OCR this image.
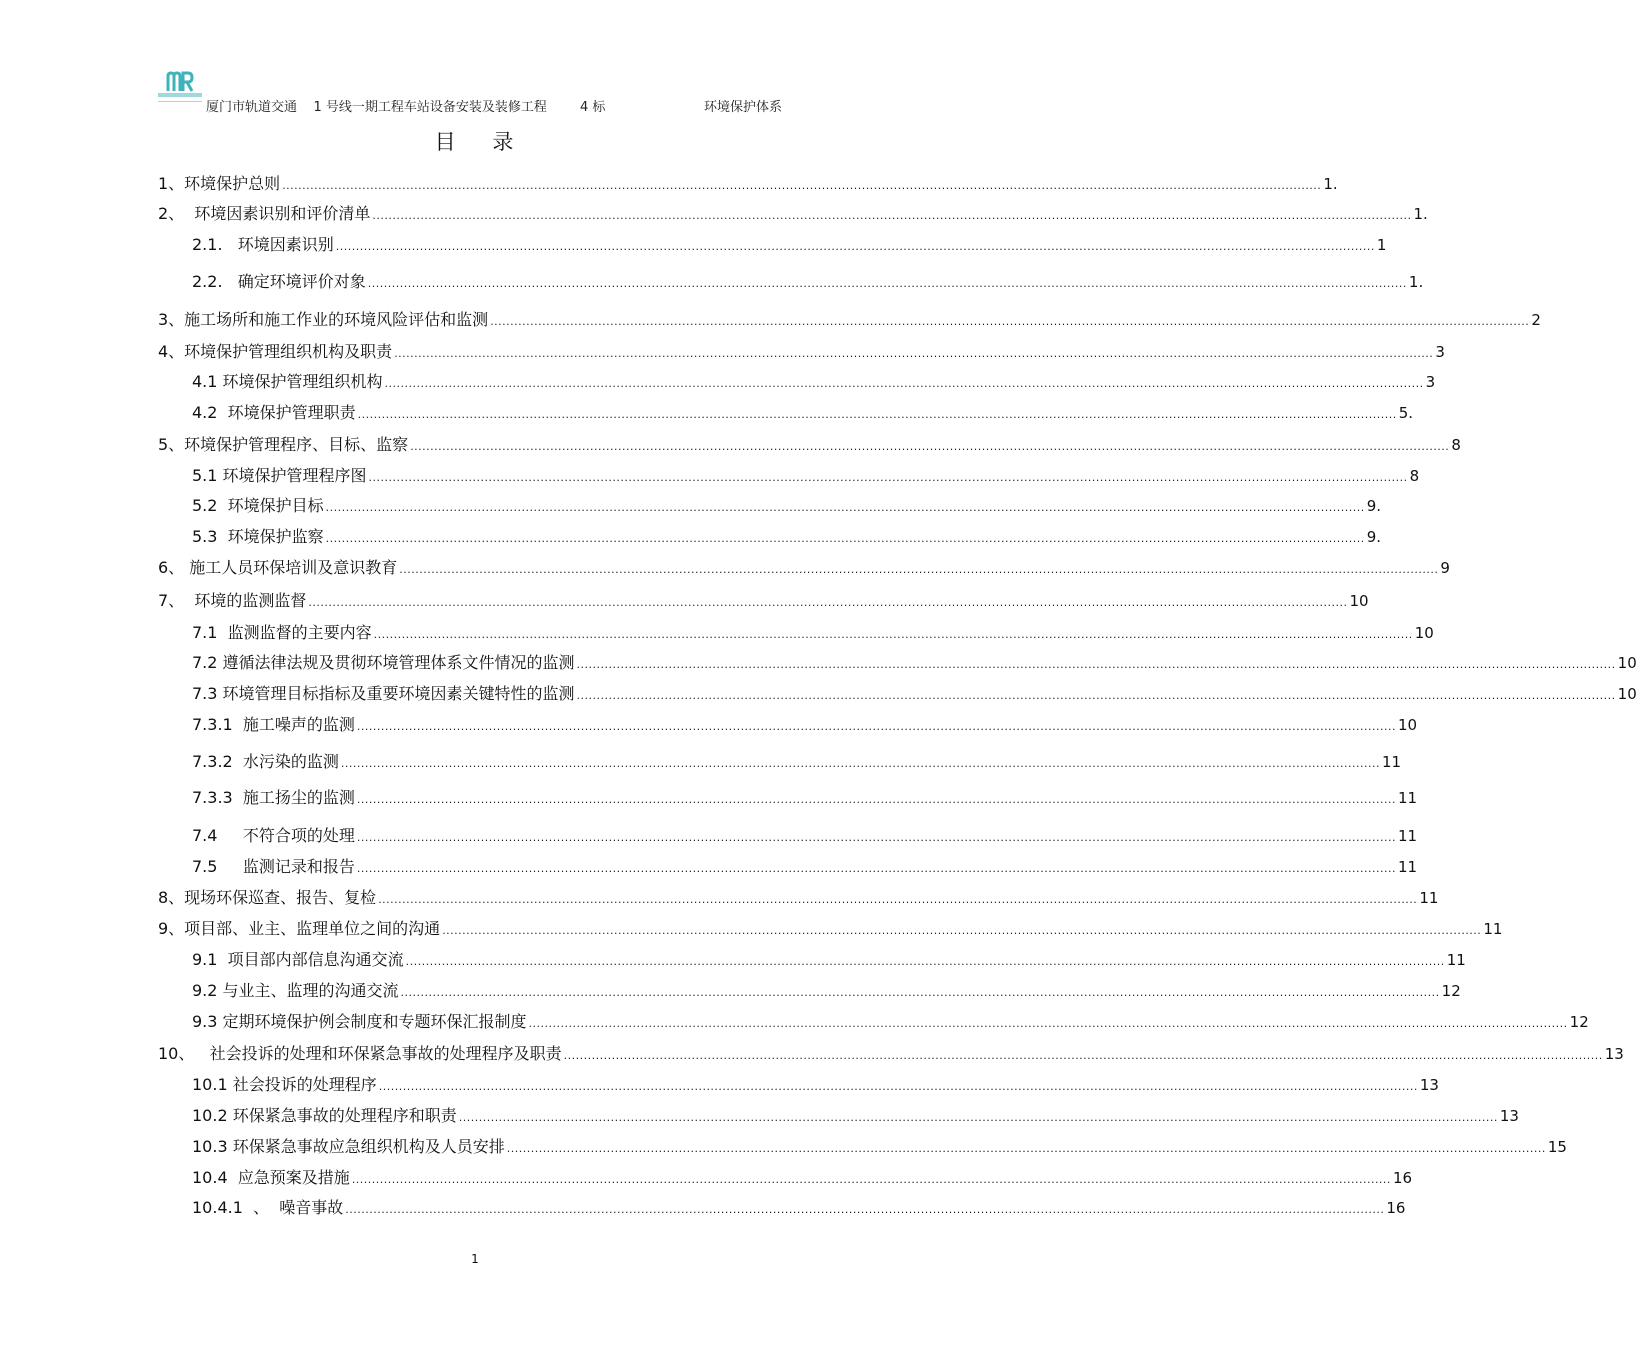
厦门市轨道交通    1 号线一期工程车站设备安装及装修工程        4 标	环境保护体系
目    录
1、环境保护总则 .................................................................................................................................................................................................................................................................... 1.
2、  环境因素识别和评价清单 .................................................................................................................................................................................................................................................................... 1.
2.1.   环境因素识别 .................................................................................................................................................................................................................................................................... 1
2.2.   确定环境评价对象 .................................................................................................................................................................................................................................................................... 1.
3、施工场所和施工作业的环境风险评估和监测 .................................................................................................................................................................................................................................................................... 2
4、环境保护管理组织机构及职责 .................................................................................................................................................................................................................................................................... 3
4.1 环境保护管理组织机构 .................................................................................................................................................................................................................................................................... 3
4.2  环境保护管理职责 .................................................................................................................................................................................................................................................................... 5.
5、环境保护管理程序、目标、监察 .................................................................................................................................................................................................................................................................... 8
5.1 环境保护管理程序图 .................................................................................................................................................................................................................................................................... 8
5.2  环境保护目标 .................................................................................................................................................................................................................................................................... 9.
5.3  环境保护监察 .................................................................................................................................................................................................................................................................... 9.
6、 施工人员环保培训及意识教育 .................................................................................................................................................................................................................................................................... 9
7、  环境的监测监督 .................................................................................................................................................................................................................................................................... 10
7.1  监测监督的主要内容 .................................................................................................................................................................................................................................................................... 10
7.2 遵循法律法规及贯彻环境管理体系文件情况的监测 .................................................................................................................................................................................................................................................................... 10
7.3 环境管理目标指标及重要环境因素关键特性的监测 .................................................................................................................................................................................................................................................................... 10
7.3.1  施工噪声的监测 .................................................................................................................................................................................................................................................................... 10
7.3.2  水污染的监测 .................................................................................................................................................................................................................................................................... 11
7.3.3  施工扬尘的监测 .................................................................................................................................................................................................................................................................... 11
7.4     不符合项的处理 .................................................................................................................................................................................................................................................................... 11
7.5     监测记录和报告 .................................................................................................................................................................................................................................................................... 11
8、现场环保巡查、报告、复检 .................................................................................................................................................................................................................................................................... 11
9、项目部、业主、监理单位之间的沟通 .................................................................................................................................................................................................................................................................... 11
9.1  项目部内部信息沟通交流 .................................................................................................................................................................................................................................................................... 11
9.2 与业主、监理的沟通交流 .................................................................................................................................................................................................................................................................... 12
9.3 定期环境保护例会制度和专题环保汇报制度 .................................................................................................................................................................................................................................................................... 12
10、   社会投诉的处理和环保紧急事故的处理程序及职责 .................................................................................................................................................................................................................................................................... 13
10.1 社会投诉的处理程序 .................................................................................................................................................................................................................................................................... 13
10.2 环保紧急事故的处理程序和职责 .................................................................................................................................................................................................................................................................... 13
10.3 环保紧急事故应急组织机构及人员安排 .................................................................................................................................................................................................................................................................... 15
10.4  应急预案及措施 .................................................................................................................................................................................................................................................................... 16
10.4.1  、  噪音事故 .................................................................................................................................................................................................................................................................... 16
1
